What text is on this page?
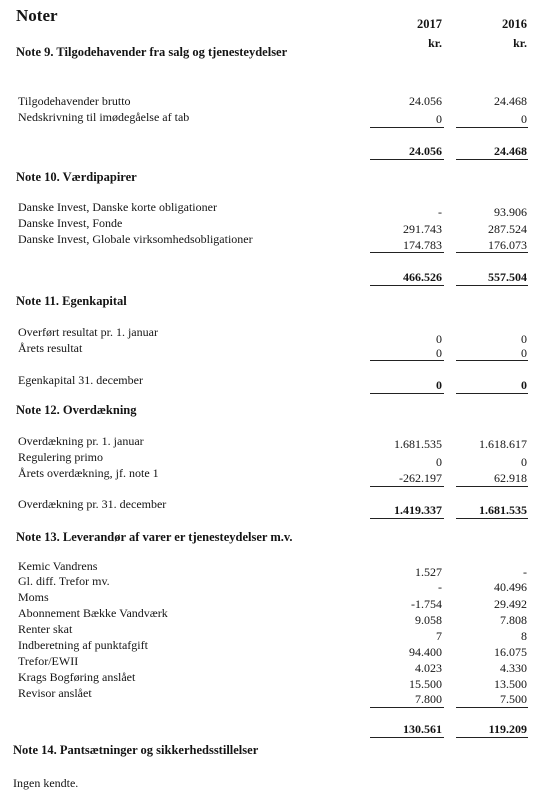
Noter	2017	2016
kr.	kr.
Note 9. Tilgodehavender fra salg og tjenesteydelser
Tilgodehavender brutto	24.056	24.468
Nedskrivning til imødegåelse af tab	0	0
24.056	24.468
Note 10. Værdipapirer
Danske Invest, Danske korte obligationer	-	93.906
Danske Invest, Fonde	291.743	287.524
Danske Invest, Globale virksomhedsobligationer	174.783	176.073
466.526	557.504
Note 11. Egenkapital
Overført resultat pr. 1. januar	0	0
Årets resultat	0	0
Egenkapital 31. december	0	0
Note 12. Overdækning
Overdækning pr. 1. januar	1.681.535	1.618.617
Regulering primo	0	0
Årets overdækning, jf. note 1	-262.197	62.918
Overdækning pr. 31. december	1.419.337	1.681.535
Note 13. Leverandør af varer er tjenesteydelser m.v.
Kemic Vandrens	1.527	-
Gl. diff. Trefor mv.	-	40.496
Moms	-1.754	29.492
Abonnement Bække Vandværk	9.058	7.808
Renter skat	7	8
Indberetning af punktafgift	94.400	16.075
Trefor/EWII	4.023	4.330
Krags Bogføring anslået	15.500	13.500
Revisor anslået	7.800	7.500
130.561	119.209
Note 14. Pantsætninger og sikkerhedsstillelser
Ingen kendte.
